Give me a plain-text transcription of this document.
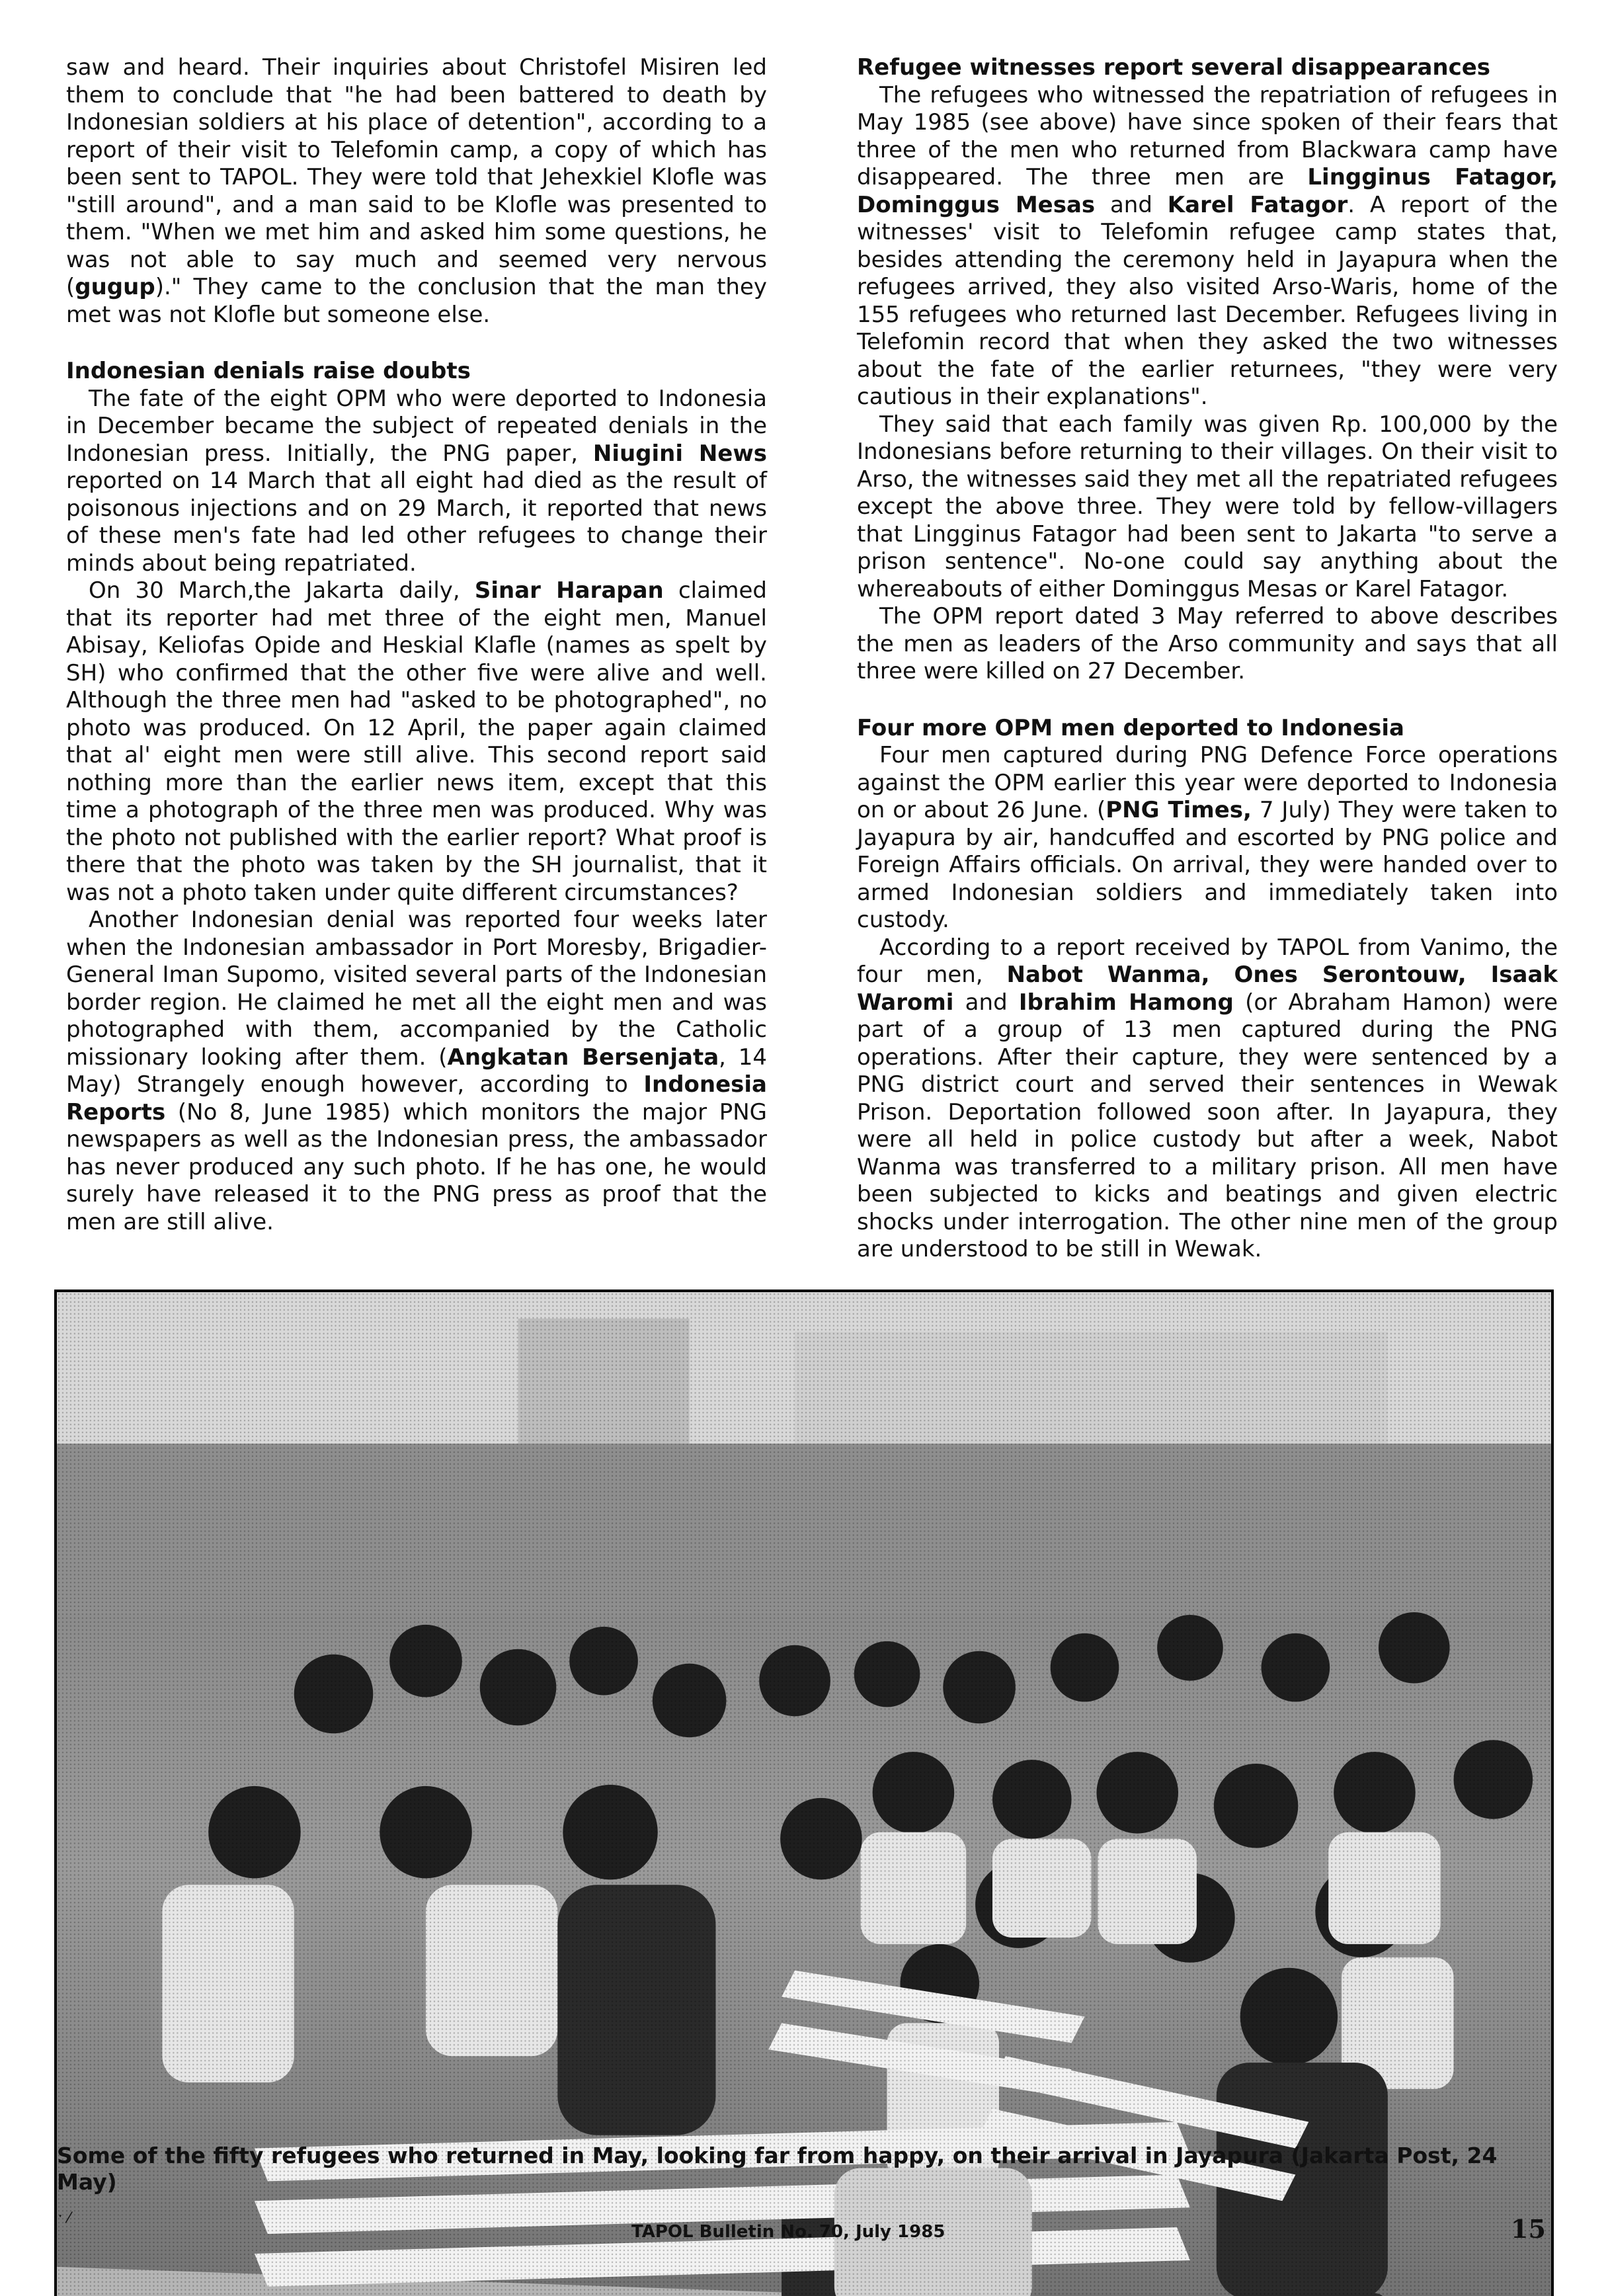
saw and heard. Their inquiries about Christofel Misiren led them to conclude that "he had been battered to death by Indonesian soldiers at his place of detention", according to a report of their visit to Telefomin camp, a copy of which has been sent to TAPOL. They were told that Jehexkiel Klofle was "still around", and a man said to be Klofle was presented to them. "When we met him and asked him some questions, he was not able to say much and seemed very nervous (gugup)." They came to the conclusion that the man they met was not Klofle but someone else.

Indonesian denials raise doubts

The fate of the eight OPM who were deported to Indonesia in December became the subject of repeated denials in the Indonesian press. Initially, the PNG paper, Niugini News reported on 14 March that all eight had died as the result of poisonous injections and on 29 March, it reported that news of these men's fate had led other refugees to change their minds about being repatriated.

On 30 March,the Jakarta daily, Sinar Harapan claimed that its reporter had met three of the eight men, Manuel Abisay, Keliofas Opide and Heskial Klafle (names as spelt by SH) who confirmed that the other five were alive and well. Although the three men had "asked to be photographed", no photo was produced. On 12 April, the paper again claimed that al' eight men were still alive. This second report said nothing more than the earlier news item, except that this time a photograph of the three men was produced. Why was the photo not published with the earlier report? What proof is there that the photo was taken by the SH journalist, that it was not a photo taken under quite different circumstances?

Another Indonesian denial was reported four weeks later when the Indonesian ambassador in Port Moresby, Brigadier-General Iman Supomo, visited several parts of the Indonesian border region. He claimed he met all the eight men and was photographed with them, accompanied by the Catholic missionary looking after them. (Angkatan Bersenjata, 14 May) Strangely enough however, according to Indonesia Reports (No 8, June 1985) which monitors the major PNG newspapers as well as the Indonesian press, the ambassador has never produced any such photo. If he has one, he would surely have released it to the PNG press as proof that the men are still alive.

Refugee witnesses report several disappearances

The refugees who witnessed the repatriation of refugees in May 1985 (see above) have since spoken of their fears that three of the men who returned from Blackwara camp have disappeared. The three men are Lingginus Fatagor, Dominggus Mesas and Karel Fatagor. A report of the witnesses' visit to Telefomin refugee camp states that, besides attending the ceremony held in Jayapura when the refugees arrived, they also visited Arso-Waris, home of the 155 refugees who returned last December. Refugees living in Telefomin record that when they asked the two witnesses about the fate of the earlier returnees, "they were very cautious in their explanations".

They said that each family was given Rp. 100,000 by the Indonesians before returning to their villages. On their visit to Arso, the witnesses said they met all the repatriated refugees except the above three. They were told by fellow-villagers that Lingginus Fatagor had been sent to Jakarta "to serve a prison sentence". No-one could say anything about the whereabouts of either Dominggus Mesas or Karel Fatagor.

The OPM report dated 3 May referred to above describes the men as leaders of the Arso community and says that all three were killed on 27 December.

Four more OPM men deported to Indonesia

Four men captured during PNG Defence Force operations against the OPM earlier this year were deported to Indonesia on or about 26 June. (PNG Times, 7 July) They were taken to Jayapura by air, handcuffed and escorted by PNG police and Foreign Affairs officials. On arrival, they were handed over to armed Indonesian soldiers and immediately taken into custody.

According to a report received by TAPOL from Vanimo, the four men, Nabot Wanma, Ones Serontouw, Isaak Waromi and Ibrahim Hamong (or Abraham Hamon) were part of a group of 13 men captured during the PNG operations. After their capture, they were sentenced by a PNG district court and served their sentences in Wewak Prison. Deportation followed soon after. In Jayapura, they were all held in police custody but after a week, Nabot Wanma was transferred to a military prison. All men have been subjected to kicks and beatings and given electric shocks under interrogation. The other nine men of the group are understood to be still in Wewak.

Some of the fifty refugees who returned in May, looking far from happy, on their arrival in Jayapura (Jakarta Post, 24 May)
ˑ ⁄
TAPOL Bulletin No. 70, July 1985	15
